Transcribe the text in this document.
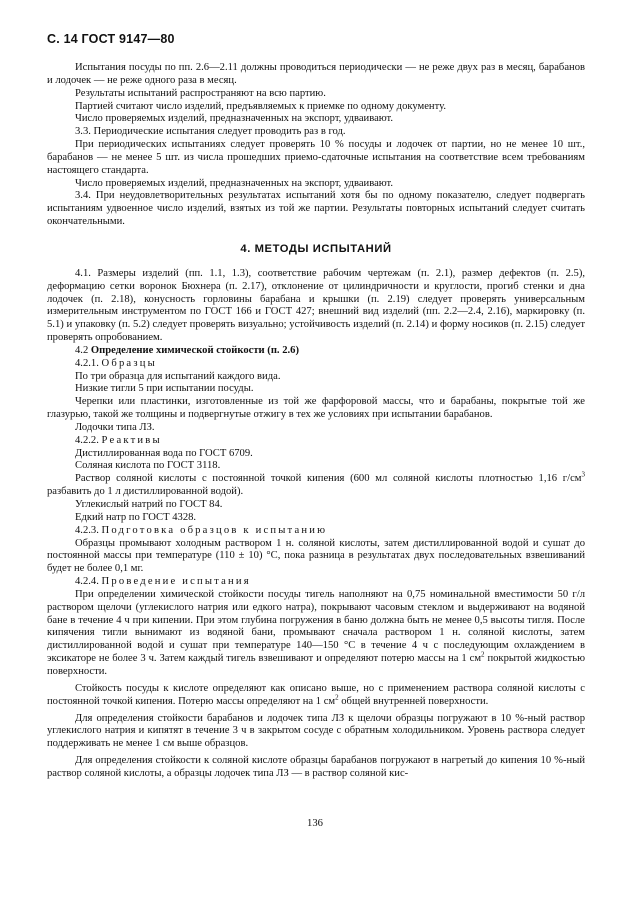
С. 14 ГОСТ 9147—80

Испытания посуды по пп. 2.6—2.11 должны проводиться периодически — не реже двух раз в месяц, барабанов и лодочек — не реже одного раза в месяц.

Результаты испытаний распространяют на всю партию.

Партией считают число изделий, предъявляемых к приемке по одному документу.

Число проверяемых изделий, предназначенных на экспорт, удваивают.

3.3. Периодические испытания следует проводить раз в год.

При периодических испытаниях следует проверять 10 % посуды и лодочек от партии, но не менее 10 шт., барабанов — не менее 5 шт. из числа прошедших приемо-сдаточные испытания на соответствие всем требованиям настоящего стандарта.

Число проверяемых изделий, предназначенных на экспорт, удваивают.

3.4. При неудовлетворительных результатах испытаний хотя бы по одному показателю, следует подвергать испытаниям удвоенное число изделий, взятых из той же партии. Результаты повторных испытаний следует считать окончательными.

4. МЕТОДЫ ИСПЫТАНИЙ

4.1. Размеры изделий (пп. 1.1, 1.3), соответствие рабочим чертежам (п. 2.1), размер дефектов (п. 2.5), деформацию сетки воронок Бюхнера (п. 2.17), отклонение от цилиндричности и круглости, прогиб стенки и дна лодочек (п. 2.18), конусность горловины барабана и крышки (п. 2.19) следует проверять универсальным измерительным инструментом по ГОСТ 166 и ГОСТ 427; внешний вид изделий (пп. 2.2—2.4, 2.16), маркировку (п. 5.1) и упаковку (п. 5.2) следует проверять визуально; устойчивость изделий (п. 2.14) и форму носиков (п. 2.15) следует проверять опробованием.

4.2 Определение химической стойкости (п. 2.6)

4.2.1. Образцы

По три образца для испытаний каждого вида.

Низкие тигли 5 при испытании посуды.

Черепки или пластинки, изготовленные из той же фарфоровой массы, что и барабаны, покрытые той же глазурью, такой же толщины и подвергнутые отжигу в тех же условиях при испытании барабанов.

Лодочки типа ЛЗ.

4.2.2. Реактивы

Дистиллированная вода по ГОСТ 6709.

Соляная кислота по ГОСТ 3118.

Раствор соляной кислоты с постоянной точкой кипения (600 мл соляной кислоты плотностью 1,16 $г/см^3$ разбавить до 1 л дистиллированной водой).

Углекислый натрий по ГОСТ 84.

Едкий натр по ГОСТ 4328.

4.2.3. Подготовка образцов к испытанию

Образцы промывают холодным раствором 1 н. соляной кислоты, затем дистиллированной водой и сушат до постоянной массы при температуре (110 ± 10) °С, пока разница в результатах двух последовательных взвешиваний будет не более 0,1 мг.

4.2.4. Проведение испытания

При определении химической стойкости посуды тигель наполняют на 0,75 номинальной вместимости 50 г/л раствором щелочи (углекислого натрия или едкого натра), покрывают часовым стеклом и выдерживают на водяной бане в течение 4 ч при кипении. При этом глубина погружения в баню должна быть не менее 0,5 высоты тигля. После кипячения тигли вынимают из водяной бани, промывают сначала раствором 1 н. соляной кислоты, затем дистиллированной водой и сушат при температуре 140—150 °С в течение 4 ч с последующим охлаждением в эксикаторе не более 3 ч. Затем каждый тигель взвешивают и определяют потерю массы на 1 $см^2$ покрытой жидкостью поверхности.

Стойкость посуды к кислоте определяют как описано выше, но с применением раствора соляной кислоты с постоянной точкой кипения. Потерю массы определяют на 1 $см^2$ общей внутренней поверхности.

Для определения стойкости барабанов и лодочек типа ЛЗ к щелочи образцы погружают в 10 %-ный раствор углекислого натрия и кипятят в течение 3 ч в закрытом сосуде с обратным холодильником. Уровень раствора следует поддерживать не менее 1 см выше образцов.

Для определения стойкости к соляной кислоте образцы барабанов погружают в нагретый до кипения 10 %-ный раствор соляной кислоты, а образцы лодочек типа ЛЗ — в раствор соляной кис-

136
